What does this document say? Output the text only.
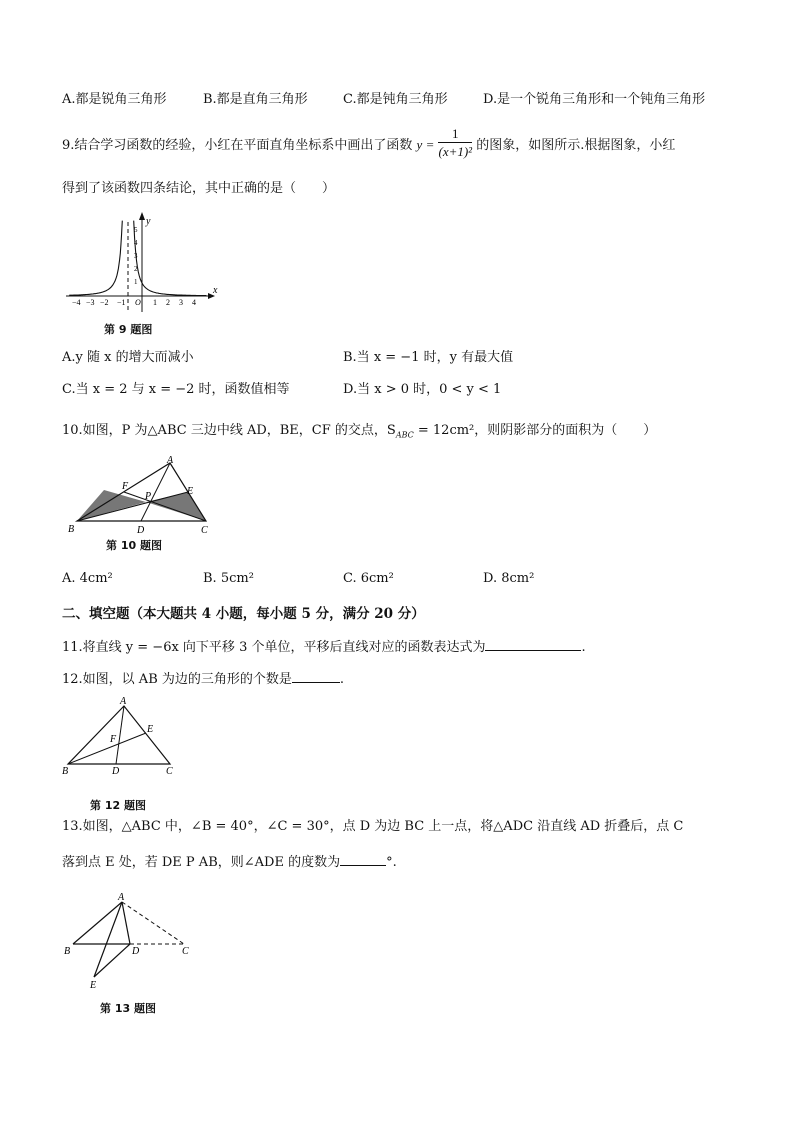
A.都是锐角三角形	B.都是直角三角形	C.都是钝角三角形	D.是一个锐角三角形和一个钝角三角形
9.结合学习函数的经验，小红在平面直角坐标系中画出了函数 $y = \frac{1}{\text{(x+1)²}}$ 的图象，如图所示.根据图象，小红
得到了该函数四条结论，其中正确的是（　　）
x
y
−4 −3 −2 −1 O 1 2 3 4
5
4
3
2
1
第 9 题图
A.y 随 x 的增大而减小	B.当 x = −1 时，y 有最大值
C.当 x = 2 与 x = −2 时，函数值相等	D.当 x > 0 时，0 < y < 1
10.如图，P 为△ABC 三边中线 AD，BE，CF 的交点，$S_{ABC} = 12cm^2$，则阴影部分的面积为（　　）
A
B	C
D
E
F
P
第 10 题图
A. 4cm²	B. 5cm²	C. 6cm²	D. 8cm²
二、填空题（本大题共 4 小题，每小题 5 分，满分 20 分）
11.将直线 y = −6x 向下平移 3 个单位，平移后直线对应的函数表达式为	.
12.如图，以 AB 为边的三角形的个数是	.
A
B	C
D
E
F
第 12 题图
13.如图，△ABC 中，∠B = 40°，∠C = 30°，点 D 为边 BC 上一点，将△ADC 沿直线 AD 折叠后，点 C
落到点 E 处，若 DE P AB，则∠ADE 的度数为	°.
A
B	C
D
E
第 13 题图
